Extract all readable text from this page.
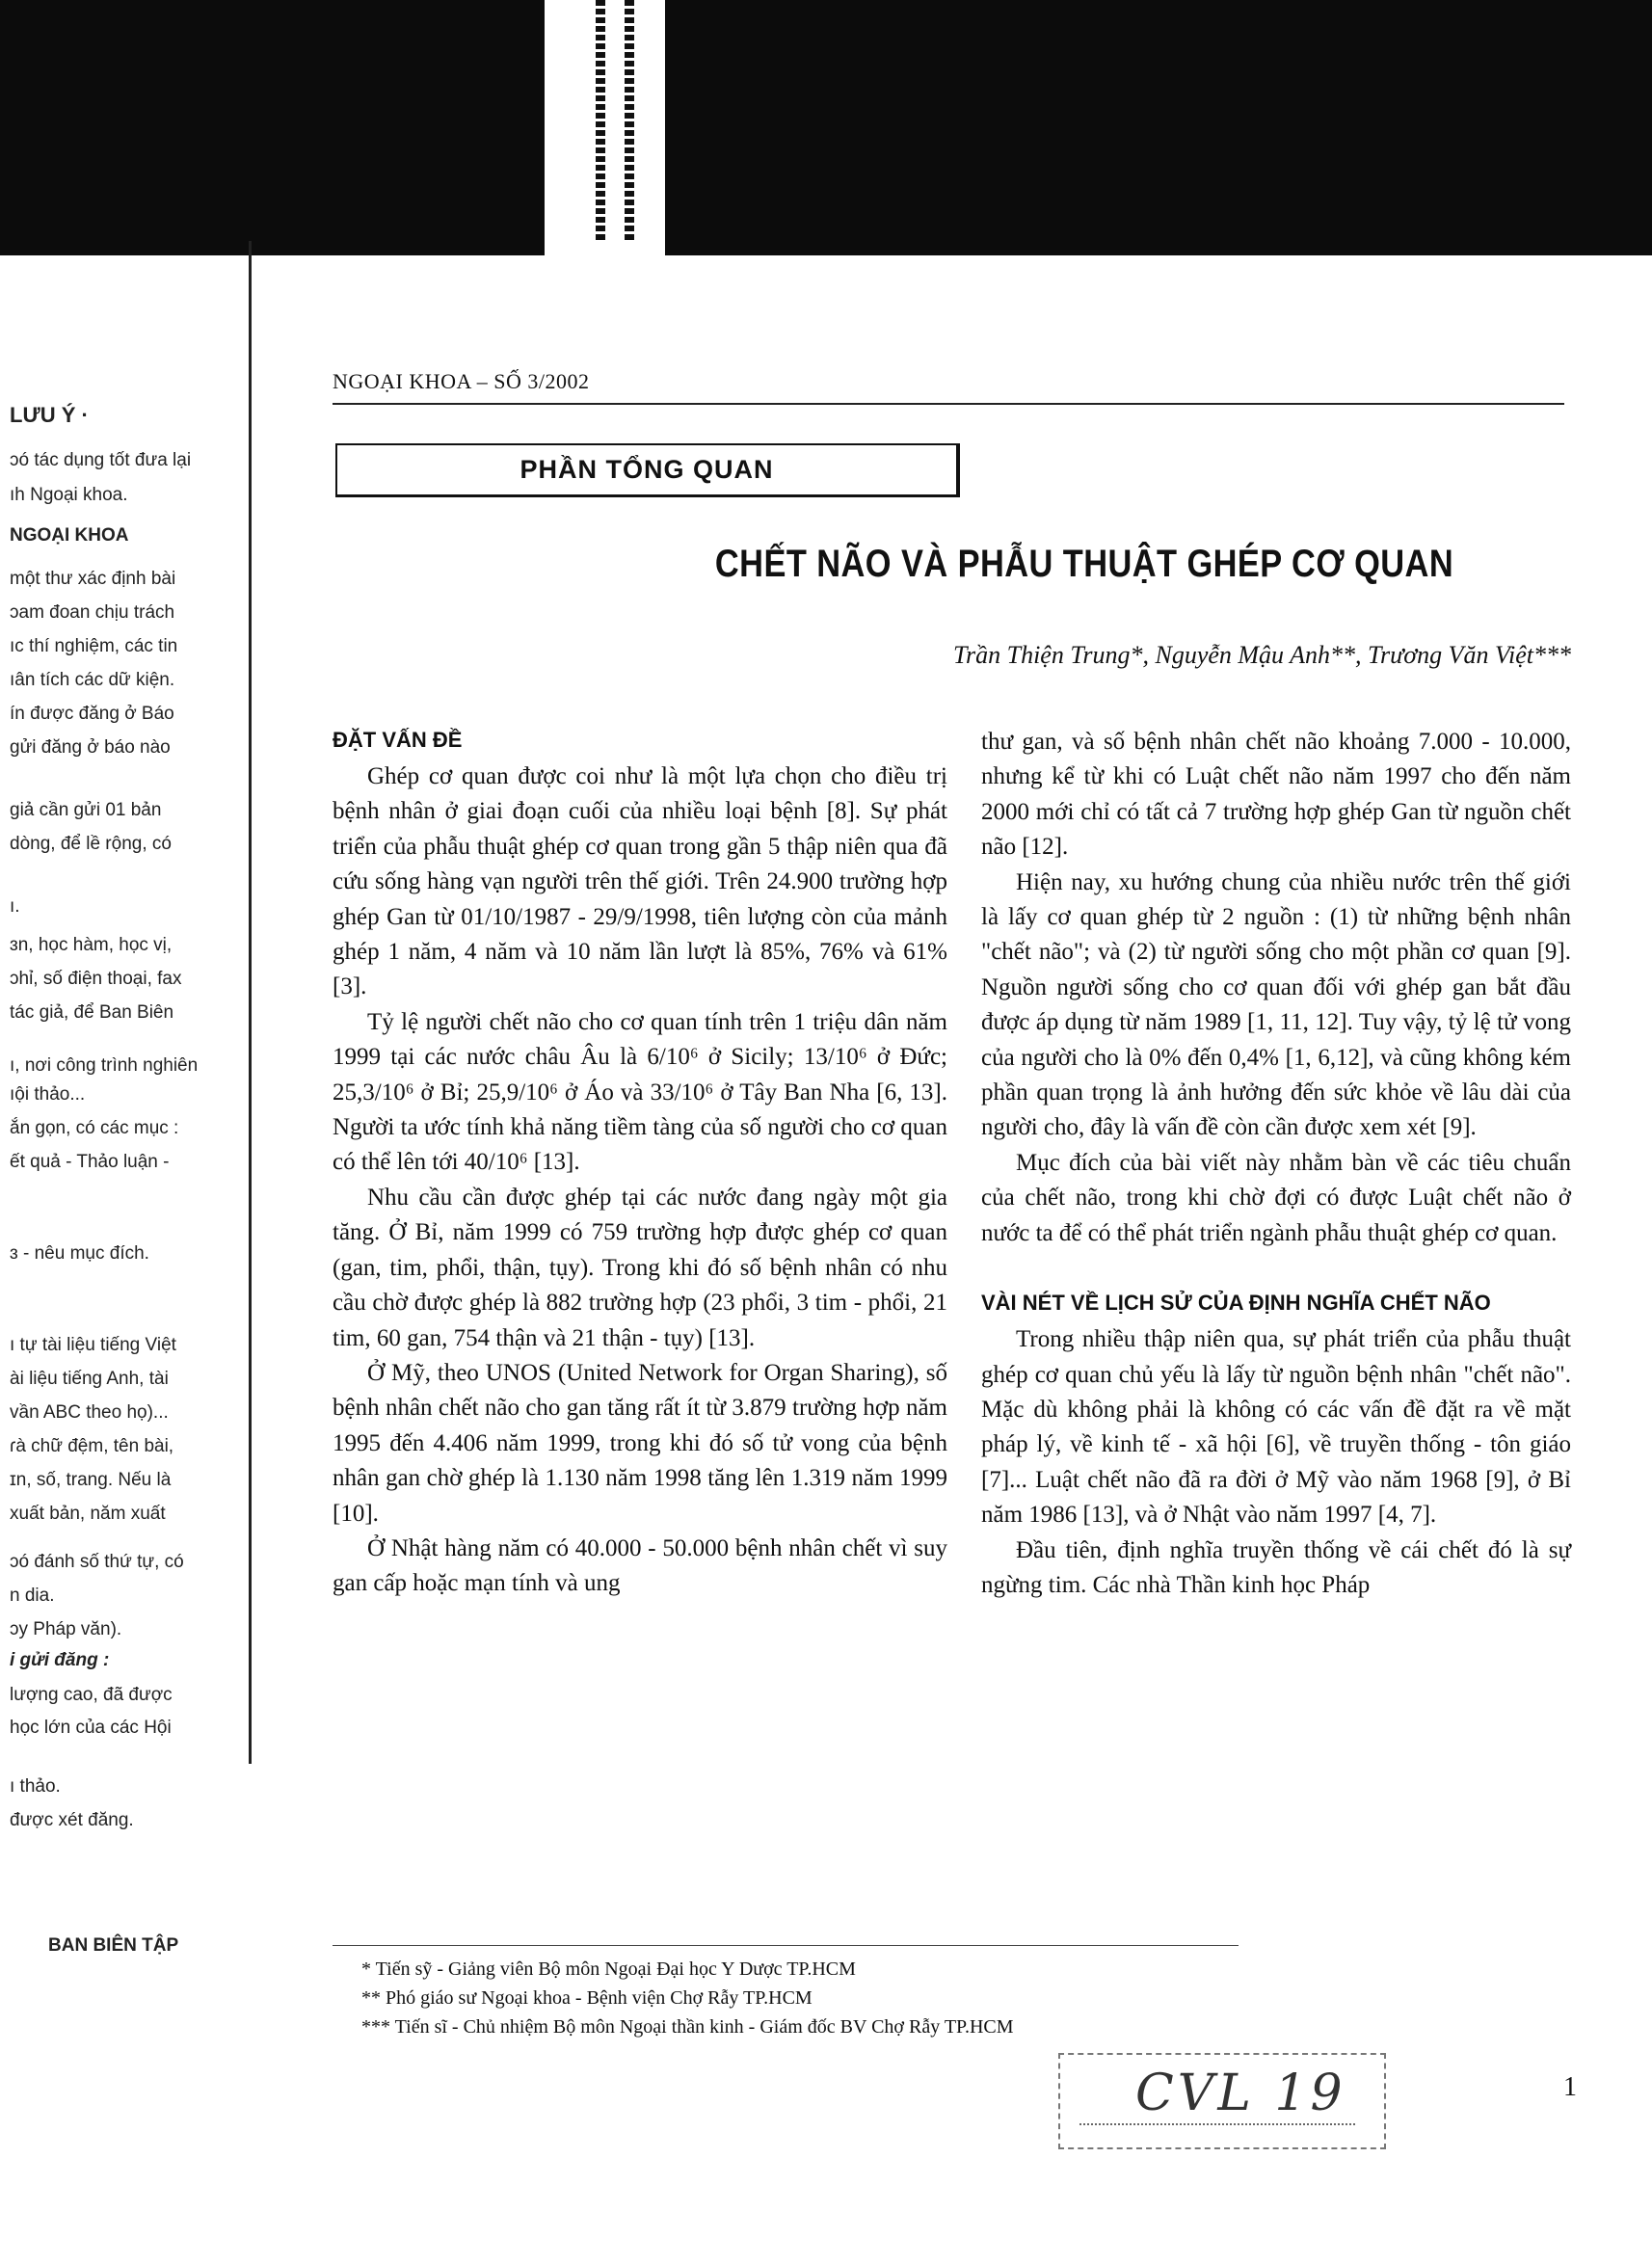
LƯU Ý ·
ɔó tác dụng tốt đưa lại
ıh Ngoại khoa.
NGOẠI KHOA
một thư xác định bài
ɔam đoan chịu trách
ıc thí nghiệm, các tin
ıân tích các dữ kiện.
ín được đăng ở Báo
gửi đăng ở báo nào
giả cần gửi 01 bản
dòng, để lề rộng, có
ı.
ɜn, học hàm, học vị,
ɔhỉ, số điện thoại, fax
tác giả, để Ban Biên
ı, nơi công trình nghiên
ıội thảo...
ắn gọn, có các mục :
ết quả - Thảo luận -
ɜ - nêu mục đích.
ı tự tài liệu tiếng Việt
ài liệu tiếng Anh, tài
vần ABC theo họ)...
ɾà chữ đệm, tên bài,
ɪn, số, trang. Nếu là
xuất bản, năm xuất
ɔó đánh số thứ tự, có
n dia.
ɔy Pháp văn).
i gửi đăng :
lượng cao, đã được
học lớn của các Hội
ı thảo.
được xét đăng.
BAN BIÊN TẬP
NGOẠI KHOA – SỐ 3/2002
PHẦN TỔNG QUAN
CHẾT NÃO VÀ PHẪU THUẬT GHÉP CƠ QUAN
Trần Thiện Trung*, Nguyễn Mậu Anh**, Trương Văn Việt***
ĐẶT VẤN ĐỀ

Ghép cơ quan được coi như là một lựa chọn cho điều trị bệnh nhân ở giai đoạn cuối của nhiều loại bệnh [8]. Sự phát triển của phẫu thuật ghép cơ quan trong gần 5 thập niên qua đã cứu sống hàng vạn người trên thế giới. Trên 24.900 trường hợp ghép Gan từ 01/10/1987 - 29/9/1998, tiên lượng còn của mảnh ghép 1 năm, 4 năm và 10 năm lần lượt là 85%, 76% và 61% [3].

Tỷ lệ người chết não cho cơ quan tính trên 1 triệu dân năm 1999 tại các nước châu Âu là 6/10⁶ ở Sicily; 13/10⁶ ở Đức; 25,3/10⁶ ở Bỉ; 25,9/10⁶ ở Áo và 33/10⁶ ở Tây Ban Nha [6, 13]. Người ta ước tính khả năng tiềm tàng của số người cho cơ quan có thể lên tới 40/10⁶ [13].

Nhu cầu cần được ghép tại các nước đang ngày một gia tăng. Ở Bỉ, năm 1999 có 759 trường hợp được ghép cơ quan (gan, tim, phổi, thận, tụy). Trong khi đó số bệnh nhân có nhu cầu chờ được ghép là 882 trường hợp (23 phổi, 3 tim - phổi, 21 tim, 60 gan, 754 thận và 21 thận - tụy) [13].

Ở Mỹ, theo UNOS (United Network for Organ Sharing), số bệnh nhân chết não cho gan tăng rất ít từ 3.879 trường hợp năm 1995 đến 4.406 năm 1999, trong khi đó số tử vong của bệnh nhân gan chờ ghép là 1.130 năm 1998 tăng lên 1.319 năm 1999 [10].

Ở Nhật hàng năm có 40.000 - 50.000 bệnh nhân chết vì suy gan cấp hoặc mạn tính và ung

thư gan, và số bệnh nhân chết não khoảng 7.000 - 10.000, nhưng kể từ khi có Luật chết não năm 1997 cho đến năm 2000 mới chỉ có tất cả 7 trường hợp ghép Gan từ nguồn chết não [12].

Hiện nay, xu hướng chung của nhiều nước trên thế giới là lấy cơ quan ghép từ 2 nguồn : (1) từ những bệnh nhân "chết não"; và (2) từ người sống cho một phần cơ quan [9]. Nguồn người sống cho cơ quan đối với ghép gan bắt đầu được áp dụng từ năm 1989 [1, 11, 12]. Tuy vậy, tỷ lệ tử vong của người cho là 0% đến 0,4% [1, 6,12], và cũng không kém phần quan trọng là ảnh hưởng đến sức khỏe về lâu dài của người cho, đây là vấn đề còn cần được xem xét [9].

Mục đích của bài viết này nhằm bàn về các tiêu chuẩn của chết não, trong khi chờ đợi có được Luật chết não ở nước ta để có thể phát triển ngành phẫu thuật ghép cơ quan.

VÀI NÉT VỀ LỊCH SỬ CỦA ĐỊNH NGHĨA CHẾT NÃO

Trong nhiều thập niên qua, sự phát triển của phẫu thuật ghép cơ quan chủ yếu là lấy từ nguồn bệnh nhân "chết não". Mặc dù không phải là không có các vấn đề đặt ra về mặt pháp lý, về kinh tế - xã hội [6], về truyền thống - tôn giáo [7]... Luật chết não đã ra đời ở Mỹ vào năm 1968 [9], ở Bỉ năm 1986 [13], và ở Nhật vào năm 1997 [4, 7].

Đầu tiên, định nghĩa truyền thống về cái chết đó là sự ngừng tim. Các nhà Thần kinh học Pháp

* Tiến sỹ - Giảng viên Bộ môn Ngoại Đại học Y Dược TP.HCM
** Phó giáo sư Ngoại khoa - Bệnh viện Chợ Rẫy TP.HCM
*** Tiến sĩ - Chủ nhiệm Bộ môn Ngoại thần kinh - Giám đốc BV Chợ Rẫy TP.HCM
CVL 19	1
